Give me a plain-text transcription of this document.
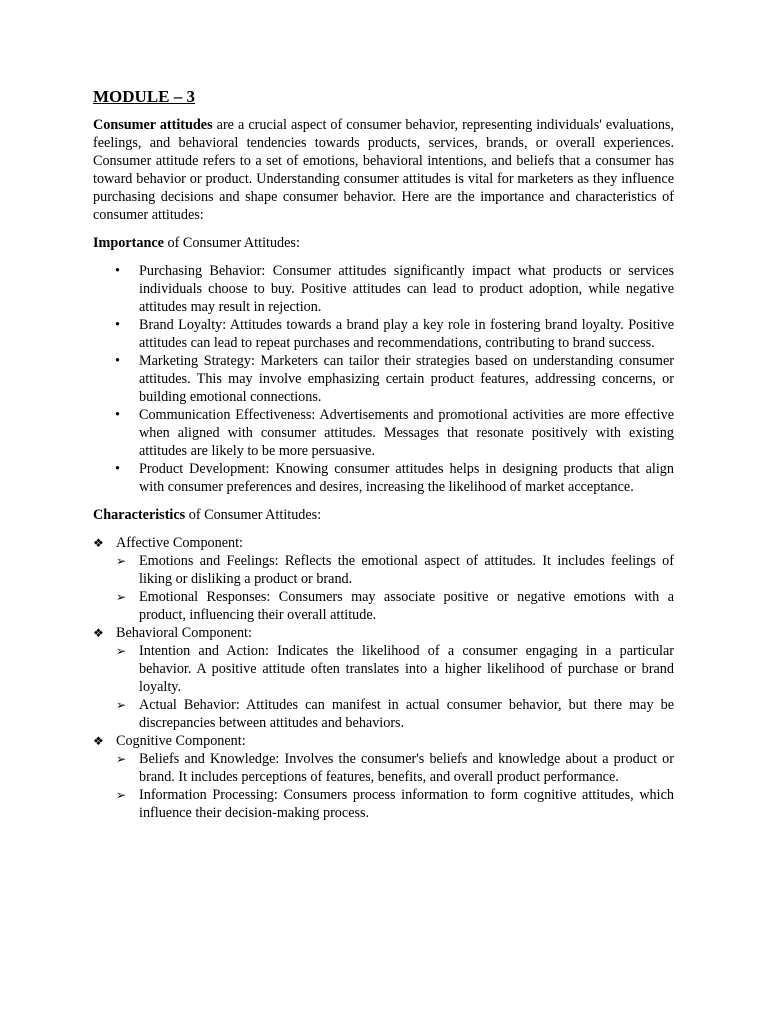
MODULE – 3

Consumer attitudes are a crucial aspect of consumer behavior, representing individuals' evaluations, feelings, and behavioral tendencies towards products, services, brands, or overall experiences. Consumer attitude refers to a set of emotions, behavioral intentions, and beliefs that a consumer has toward behavior or product. Understanding consumer attitudes is vital for marketers as they influence purchasing decisions and shape consumer behavior. Here are the importance and characteristics of consumer attitudes:

Importance of Consumer Attitudes:

•	Purchasing Behavior: Consumer attitudes significantly impact what products or services individuals choose to buy. Positive attitudes can lead to product adoption, while negative attitudes may result in rejection.
•	Brand Loyalty: Attitudes towards a brand play a key role in fostering brand loyalty. Positive attitudes can lead to repeat purchases and recommendations, contributing to brand success.
•	Marketing Strategy: Marketers can tailor their strategies based on understanding consumer attitudes. This may involve emphasizing certain product features, addressing concerns, or building emotional connections.
•	Communication Effectiveness: Advertisements and promotional activities are more effective when aligned with consumer attitudes. Messages that resonate positively with existing attitudes are likely to be more persuasive.
•	Product Development: Knowing consumer attitudes helps in designing products that align with consumer preferences and desires, increasing the likelihood of market acceptance.

Characteristics of Consumer Attitudes:

❖ Affective Component:
➢ Emotions and Feelings: Reflects the emotional aspect of attitudes. It includes feelings of liking or disliking a product or brand.
➢ Emotional Responses: Consumers may associate positive or negative emotions with a product, influencing their overall attitude.
❖ Behavioral Component:
➢ Intention and Action: Indicates the likelihood of a consumer engaging in a particular behavior. A positive attitude often translates into a higher likelihood of purchase or brand loyalty.
➢ Actual Behavior: Attitudes can manifest in actual consumer behavior, but there may be discrepancies between attitudes and behaviors.
❖ Cognitive Component:
➢ Beliefs and Knowledge: Involves the consumer's beliefs and knowledge about a product or brand. It includes perceptions of features, benefits, and overall product performance.
➢ Information Processing: Consumers process information to form cognitive attitudes, which influence their decision-making process.
